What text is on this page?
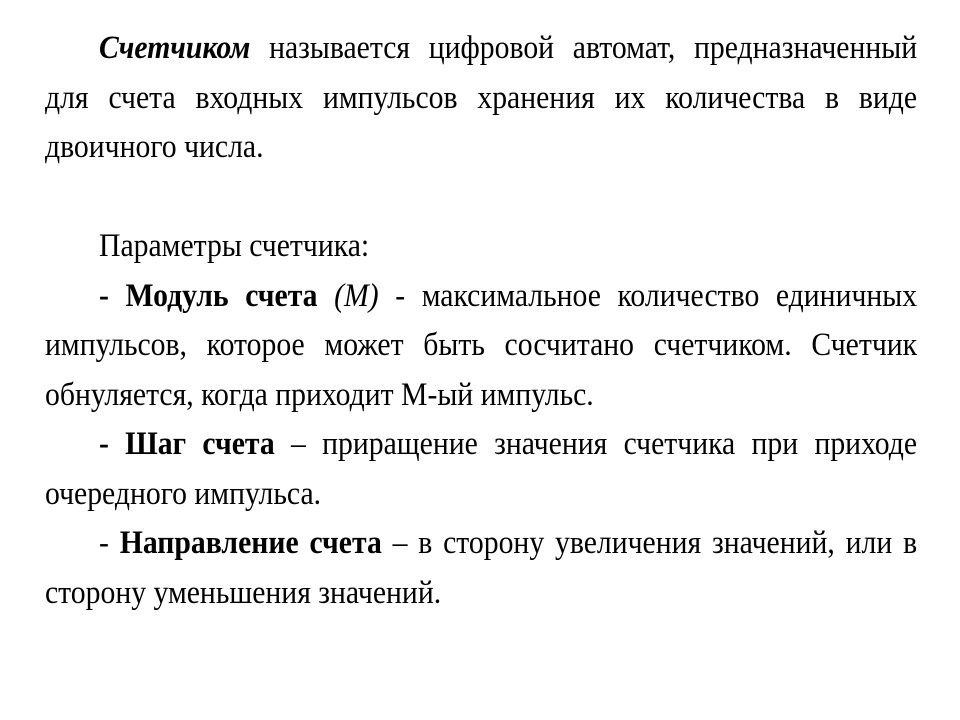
Счетчиком называется цифровой автомат, предназначенный для счета входных импульсов хранения их количества в виде двоичного числа.

Параметры счетчика:

- Модуль счета (М) - максимальное количество единичных импульсов, которое может быть сосчитано счетчиком. Счетчик обнуляется, когда приходит М-ый импульс.

- Шаг счета – приращение значения счетчика при приходе очередного импульса.

- Направление счета – в сторону увеличения значений, или в сторону уменьшения значений.
